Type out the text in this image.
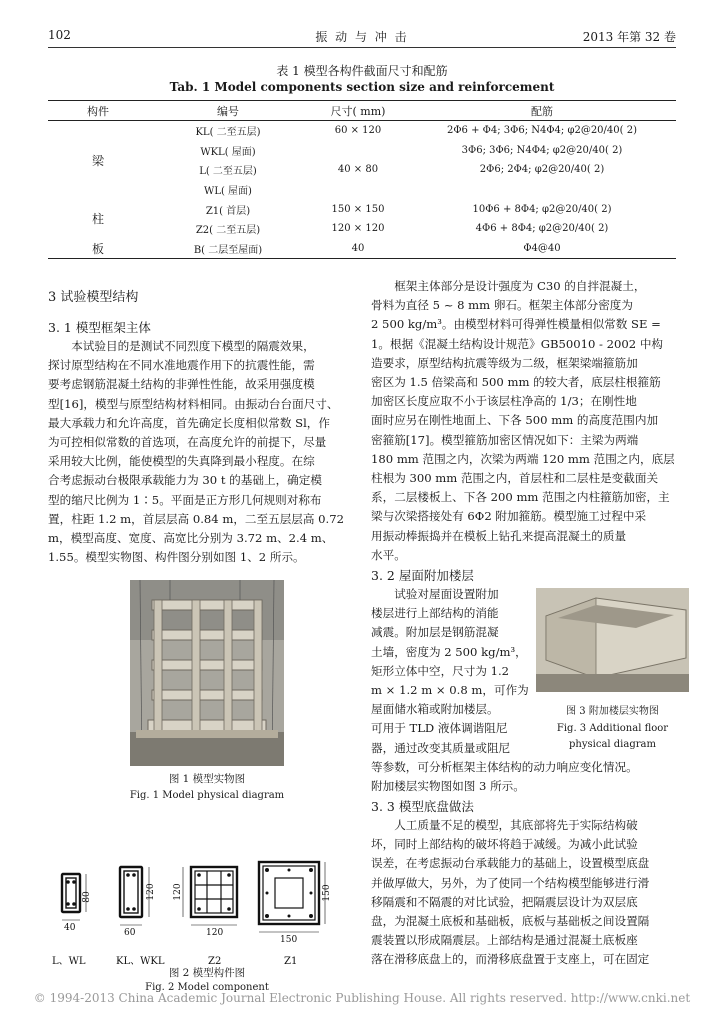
102	振 动 与 冲 击	2013 年第 32 卷
表 1 模型各构件截面尺寸和配筋
Tab. 1 Model components section size and reinforcement
构件	编号	尺寸( mm)	配筋
梁	KL( 二至五层)	60 × 120	2Φ6 + Φ4; 3Φ6; N4Φ4; φ2@20/40( 2)
	WKL( 屋面)		3Φ6; 3Φ6; N4Φ4; φ2@20/40( 2)
	L( 二至五层)	40 × 80	2Φ6; 2Φ4; φ2@20/40( 2)
	WL( 屋面)		
柱	Z1( 首层)	150 × 150	10Φ6 + 8Φ4; φ2@20/40( 2)
	Z2( 二至五层)	120 × 120	4Φ6 + 8Φ4; φ2@20/40( 2)
板	B( 二层至屋面)	40	Φ4@40
3 试验模型结构
3. 1 模型框架主体
本试验目的是测试不同烈度下模型的隔震效果，
探讨原型结构在不同水准地震作用下的抗震性能，需
要考虑钢筋混凝土结构的非弹性性能，故采用强度模
型[16]，模型与原型结构材料相同。由振动台台面尺寸、
最大承载力和允许高度，首先确定长度相似常数 Sl，作
为可控相似常数的首选项，在高度允许的前提下，尽量
采用较大比例，能使模型的失真降到最小程度。在综
合考虑振动台极限承载能力为 30 t 的基础上，确定模
型的缩尺比例为 1∶5。平面是正方形几何规则对称布
置，柱距 1.2 m，首层层高 0.84 m，二至五层层高 0.72
m，模型高度、宽度、高宽比分别为 3.72 m、2.4 m、
1.55。模型实物图、构件图分别如图 1、2 所示。
图 1 模型实物图
Fig. 1 Model physical diagram
40
80
60
120 120
120
150
150
L、WL	KL、WKL	Z2	Z1
图 2 模型构件图
Fig. 2 Model component
框架主体部分是设计强度为 C30 的自拌混凝土，
骨料为直径 5 ~ 8 mm 卵石。框架主体部分密度为
2 500 kg/m³。由模型材料可得弹性模量相似常数 SE =
1。根据《混凝土结构设计规范》GB50010 - 2002 中构
造要求，原型结构抗震等级为二级，框架梁端箍筋加
密区为 1.5 倍梁高和 500 mm 的较大者，底层柱根箍筋
加密区长度应取不小于该层柱净高的 1/3；在刚性地
面时应另在刚性地面上、下各 500 mm 的高度范围内加
密箍筋[17]。模型箍筋加密区情况如下：主梁为两端
180 mm 范围之内，次梁为两端 120 mm 范围之内，底层
柱根为 300 mm 范围之内，首层柱和二层柱是变截面关
系，二层楼板上、下各 200 mm 范围之内柱箍筋加密，主
梁与次梁搭接处有 6Φ2 附加箍筋。模型施工过程中采
用振动棒振捣并在模板上钻孔来提高混凝土的质量
水平。
3. 2 屋面附加楼层
试验对屋面设置附加
楼层进行上部结构的消能
减震。附加层是钢筋混凝
土墙，密度为 2 500 kg/m³，
矩形立体中空，尺寸为 1.2
m × 1.2 m × 0.8 m，可作为
屋面储水箱或附加楼层。
可用于 TLD 液体调谐阻尼
器，通过改变其质量或阻尼
图 3 附加楼层实物图
Fig. 3 Additional floor
physical diagram
等参数，可分析框架主体结构的动力响应变化情况。
附加楼层实物图如图 3 所示。
3. 3 模型底盘做法
人工质量不足的模型，其底部将先于实际结构破
坏，同时上部结构的破坏将趋于减缓。为减小此试验
误差，在考虑振动台承载能力的基础上，设置模型底盘
并做厚做大，另外，为了使同一个结构模型能够进行滑
移隔震和不隔震的对比试验，把隔震层设计为双层底
盘，为混凝土底板和基础板，底板与基础板之间设置隔
震装置以形成隔震层。上部结构是通过混凝土底板座
落在滑移底盘上的，而滑移底盘置于支座上，可在固定
© 1994-2013 China Academic Journal Electronic Publishing House. All rights reserved. http://www.cnki.net
